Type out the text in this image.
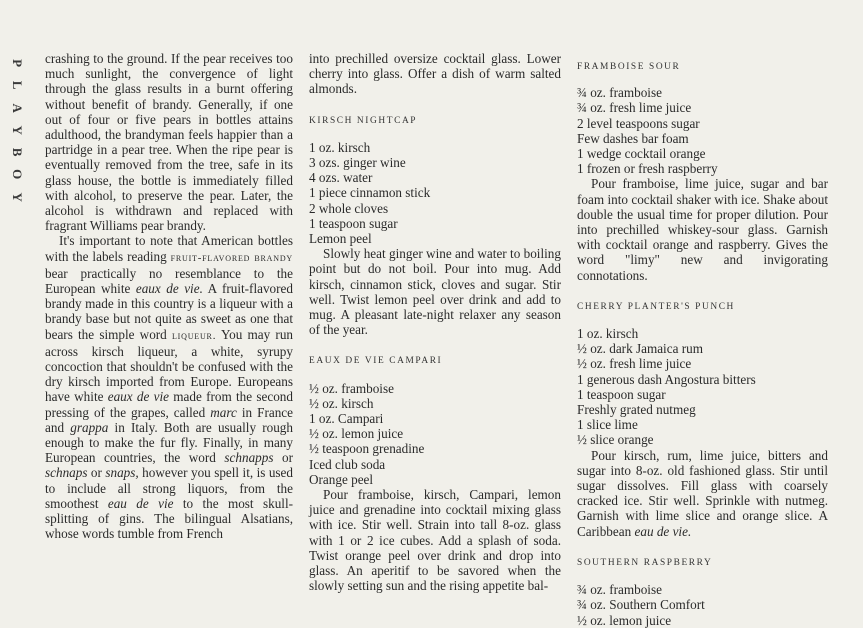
P
L
A
Y
B
O
Y

crashing to the ground. If the pear receives too much sunlight, the convergence of light through the glass results in a burnt offering without benefit of brandy. Generally, if one out of four or five pears in bottles attains adulthood, the brandyman feels happier than a partridge in a pear tree. When the ripe pear is eventually removed from the tree, safe in its glass house, the bottle is immediately filled with alcohol, to preserve the pear. Later, the alcohol is withdrawn and replaced with fragrant Williams pear brandy.

It's important to note that American bottles with the labels reading fruit-flavored brandy bear practically no resemblance to the European white eaux de vie. A fruit-flavored brandy made in this country is a liqueur with a brandy base but not quite as sweet as one that bears the simple word liqueur. You may run across kirsch liqueur, a white, syrupy concoction that shouldn't be confused with the dry kirsch imported from Europe. Europeans have white eaux de vie made from the second pressing of the grapes, called marc in France and grappa in Italy. Both are usually rough enough to make the fur fly. Finally, in many European countries, the word schnapps or schnaps or snaps, however you spell it, is used to include all strong liquors, from the smoothest eau de vie to the most skull-splitting of gins. The bilingual Alsatians, whose words tumble from French

into prechilled oversize cocktail glass. Lower cherry into glass. Offer a dish of warm salted almonds.

KIRSCH NIGHTCAP

1 oz. kirsch
3 ozs. ginger wine
4 ozs. water
1 piece cinnamon stick
2 whole cloves
1 teaspoon sugar
Lemon peel

Slowly heat ginger wine and water to boiling point but do not boil. Pour into mug. Add kirsch, cinnamon stick, cloves and sugar. Stir well. Twist lemon peel over drink and add to mug. A pleasant late-night relaxer any season of the year.

EAUX DE VIE CAMPARI

½ oz. framboise
½ oz. kirsch
1 oz. Campari
½ oz. lemon juice
½ teaspoon grenadine
Iced club soda
Orange peel

Pour framboise, kirsch, Campari, lemon juice and grenadine into cocktail mixing glass with ice. Stir well. Strain into tall 8-oz. glass with 1 or 2 ice cubes. Add a splash of soda. Twist orange peel over drink and drop into glass. An aperitif to be savored when the slowly setting sun and the rising appetite bal-

FRAMBOISE SOUR

¾ oz. framboise
¾ oz. fresh lime juice
2 level teaspoons sugar
Few dashes bar foam
1 wedge cocktail orange
1 frozen or fresh raspberry

Pour framboise, lime juice, sugar and bar foam into cocktail shaker with ice. Shake about double the usual time for proper dilution. Pour into prechilled whiskey-sour glass. Garnish with cocktail orange and raspberry. Gives the word "limy" new and invigorating connotations.

CHERRY PLANTER'S PUNCH

1 oz. kirsch
½ oz. dark Jamaica rum
½ oz. fresh lime juice
1 generous dash Angostura bitters
1 teaspoon sugar
Freshly grated nutmeg
1 slice lime
½ slice orange

Pour kirsch, rum, lime juice, bitters and sugar into 8-oz. old fashioned glass. Stir until sugar dissolves. Fill glass with coarsely cracked ice. Stir well. Sprinkle with nutmeg. Garnish with lime slice and orange slice. A Caribbean eau de vie.

SOUTHERN RASPBERRY

¾ oz. framboise
¾ oz. Southern Comfort
½ oz. lemon juice
